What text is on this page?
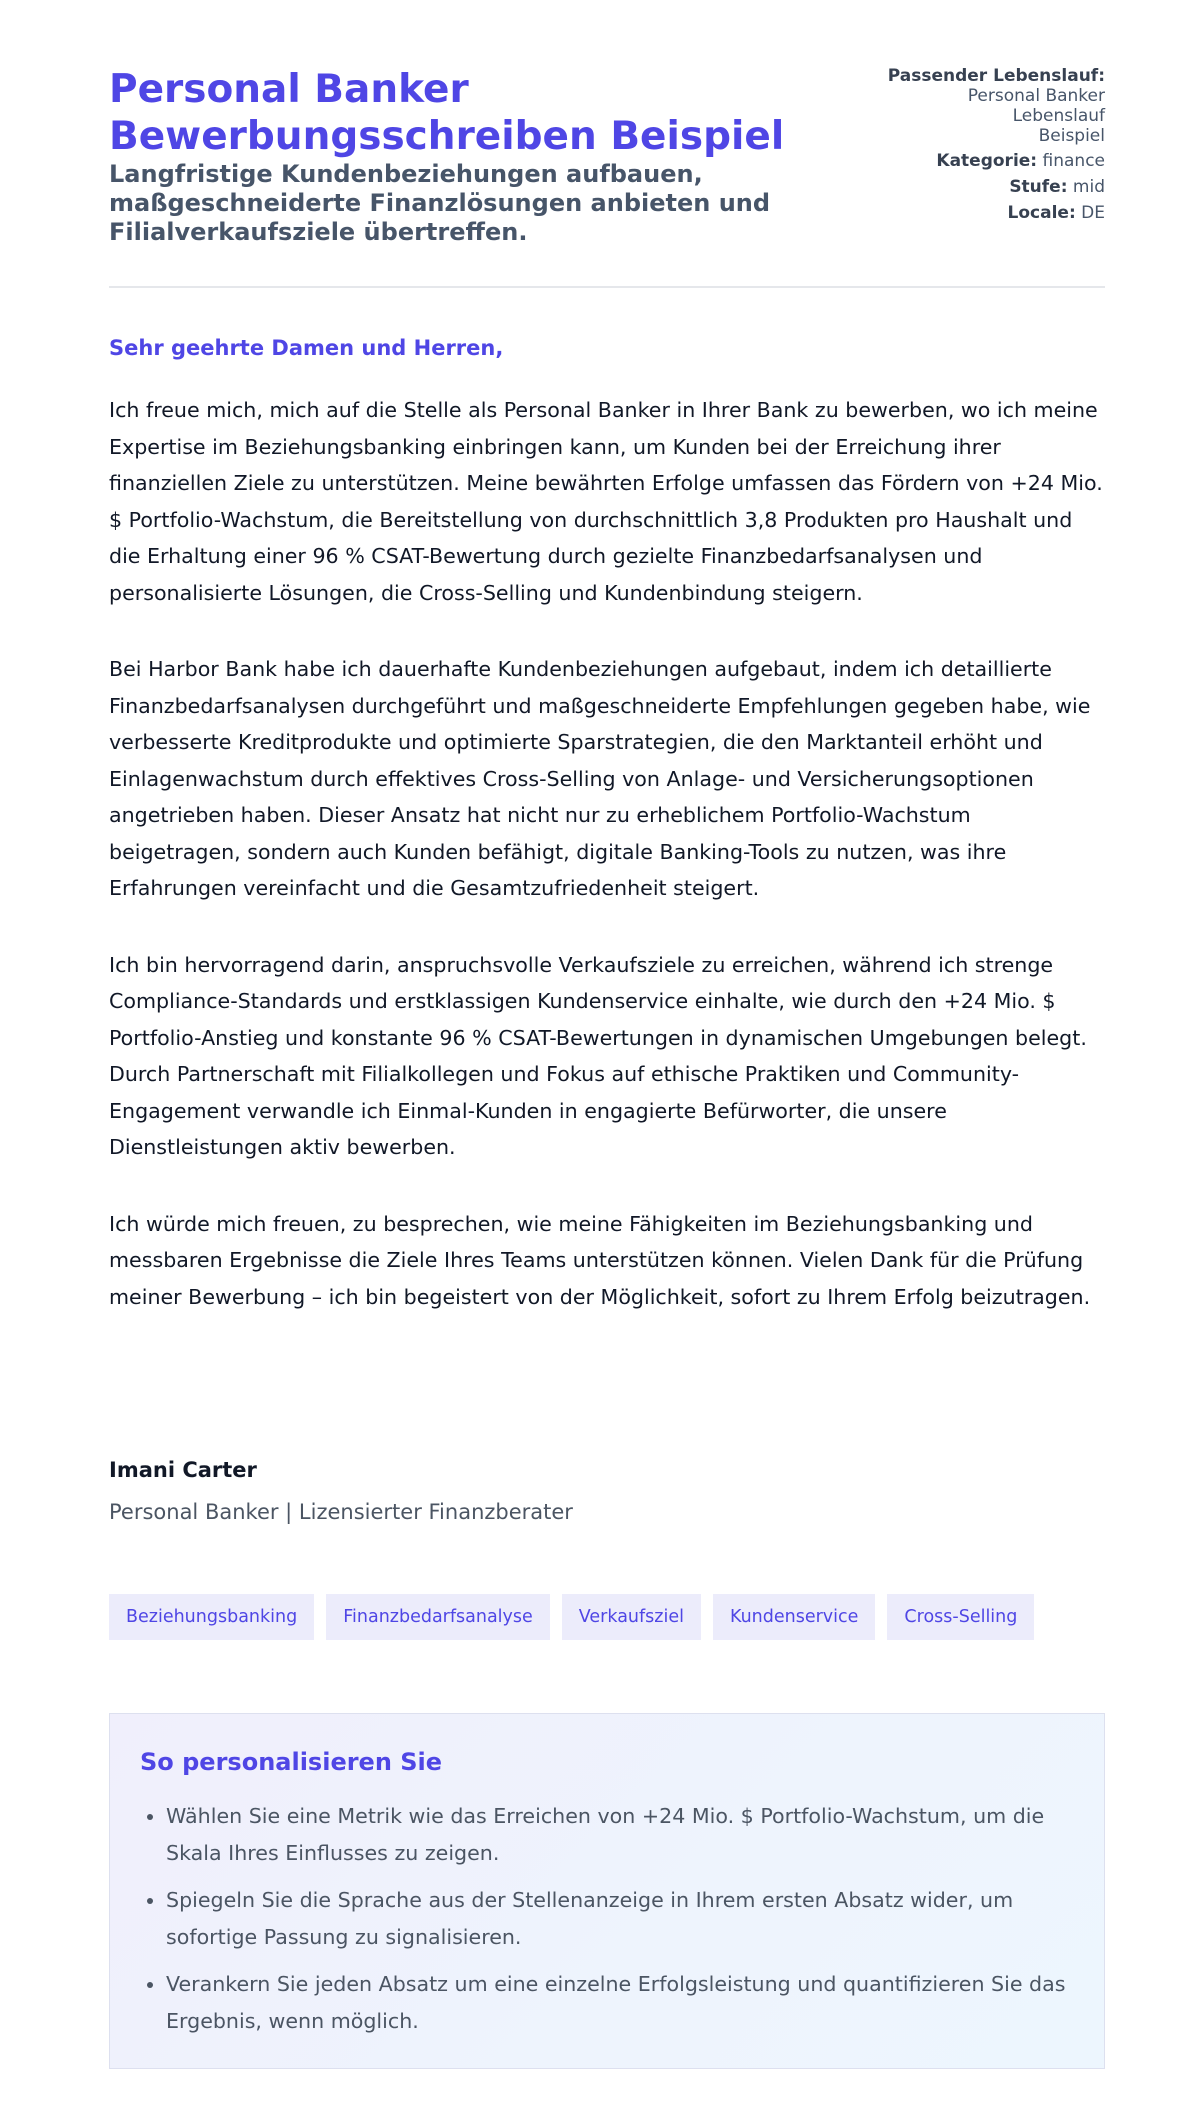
Personal Banker Bewerbungsschreiben Beispiel

Langfristige Kundenbeziehungen aufbauen, maßgeschneiderte Finanzlösungen anbieten und Filialverkaufsziele übertreffen.

Passender Lebenslauf:
Personal Banker Lebenslauf Beispiel
Kategorie: finance
Stufe: mid
Locale: DE

Sehr geehrte Damen und Herren,

Ich freue mich, mich auf die Stelle als Personal Banker in Ihrer Bank zu bewerben, wo ich meine Expertise im Beziehungsbanking einbringen kann, um Kunden bei der Erreichung ihrer finanziellen Ziele zu unterstützen. Meine bewährten Erfolge umfassen das Fördern von +24 Mio. $ Portfolio-Wachstum, die Bereitstellung von durchschnittlich 3,8 Produkten pro Haushalt und die Erhaltung einer 96 % CSAT-Bewertung durch gezielte Finanzbedarfsanalysen und personalisierte Lösungen, die Cross-Selling und Kundenbindung steigern.

Bei Harbor Bank habe ich dauerhafte Kundenbeziehungen aufgebaut, indem ich detaillierte Finanzbedarfsanalysen durchgeführt und maßgeschneiderte Empfehlungen gegeben habe, wie verbesserte Kreditprodukte und optimierte Sparstrategien, die den Marktanteil erhöht und Einlagenwachstum durch effektives Cross-Selling von Anlage- und Versicherungsoptionen angetrieben haben. Dieser Ansatz hat nicht nur zu erheblichem Portfolio-Wachstum beigetragen, sondern auch Kunden befähigt, digitale Banking-Tools zu nutzen, was ihre Erfahrungen vereinfacht und die Gesamtzufriedenheit steigert.

Ich bin hervorragend darin, anspruchsvolle Verkaufsziele zu erreichen, während ich strenge Compliance-Standards und erstklassigen Kundenservice einhalte, wie durch den +24 Mio. $ Portfolio-Anstieg und konstante 96 % CSAT-Bewertungen in dynamischen Umgebungen belegt. Durch Partnerschaft mit Filialkollegen und Fokus auf ethische Praktiken und Community-Engagement verwandle ich Einmal-Kunden in engagierte Befürworter, die unsere Dienstleistungen aktiv bewerben.

Ich würde mich freuen, zu besprechen, wie meine Fähigkeiten im Beziehungsbanking und messbaren Ergebnisse die Ziele Ihres Teams unterstützen können. Vielen Dank für die Prüfung meiner Bewerbung – ich bin begeistert von der Möglichkeit, sofort zu Ihrem Erfolg beizutragen.

Imani Carter

Personal Banker | Lizensierter Finanzberater

Beziehungsbanking	Finanzbedarfsanalyse	Verkaufsziel	Kundenservice	Cross-Selling
So personalisieren Sie
• Wählen Sie eine Metrik wie das Erreichen von +24 Mio. $ Portfolio-Wachstum, um die Skala Ihres Einflusses zu zeigen.
• Spiegeln Sie die Sprache aus der Stellenanzeige in Ihrem ersten Absatz wider, um sofortige Passung zu signalisieren.
• Verankern Sie jeden Absatz um eine einzelne Erfolgsleistung und quantifizieren Sie das Ergebnis, wenn möglich.
